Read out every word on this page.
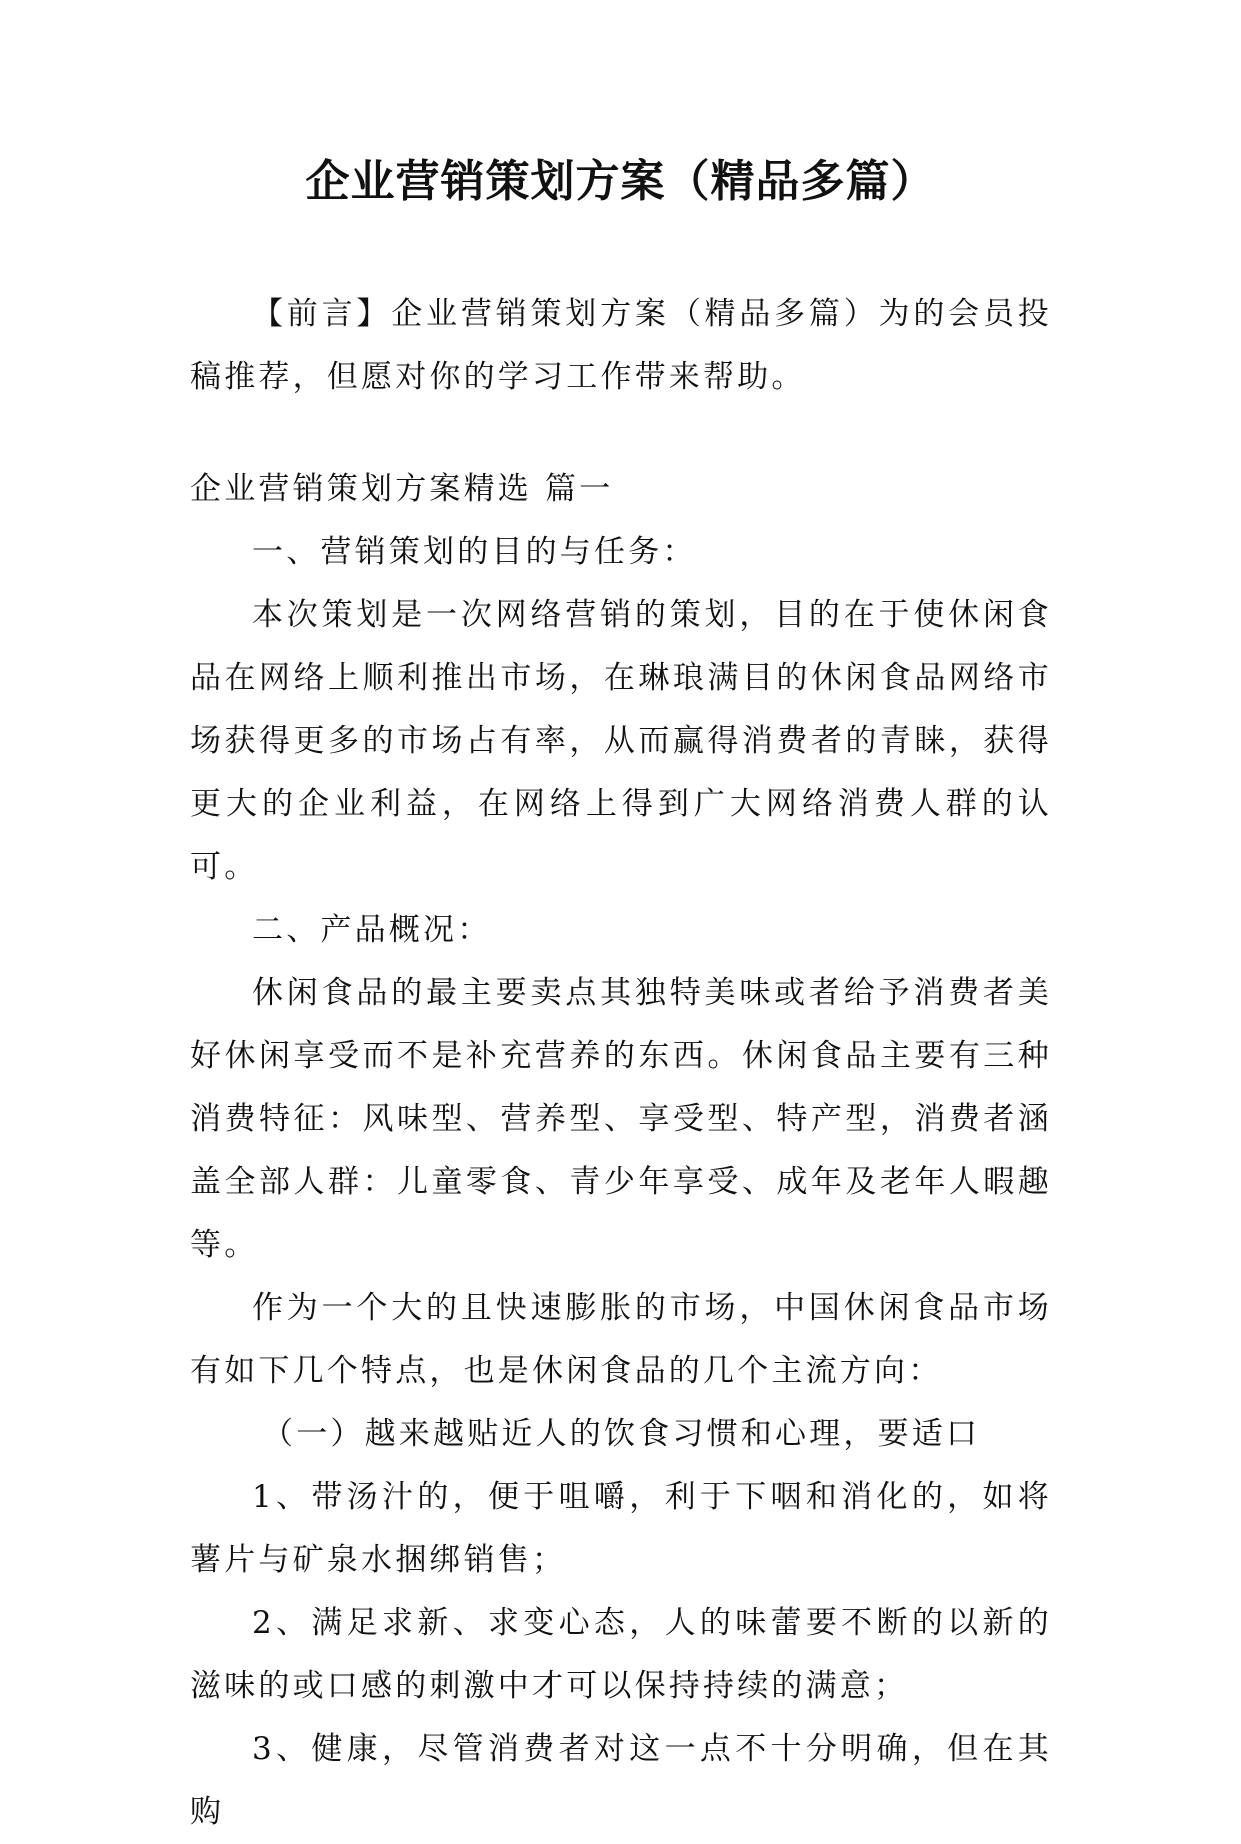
企业营销策划方案（精品多篇）

【前言】企业营销策划方案（精品多篇）为的会员投稿推荐，但愿对你的学习工作带来帮助。

企业营销策划方案精选 篇一

一、营销策划的目的与任务：

本次策划是一次网络营销的策划，目的在于使休闲食品在网络上顺利推出市场，在琳琅满目的休闲食品网络市场获得更多的市场占有率，从而赢得消费者的青睐，获得更大的企业利益，在网络上得到广大网络消费人群的认可。

二、产品概况：

休闲食品的最主要卖点其独特美味或者给予消费者美好休闲享受而不是补充营养的东西。休闲食品主要有三种消费特征：风味型、营养型、享受型、特产型，消费者涵盖全部人群：儿童零食、青少年享受、成年及老年人暇趣等。

作为一个大的且快速膨胀的市场，中国休闲食品市场有如下几个特点，也是休闲食品的几个主流方向：

（一）越来越贴近人的饮食习惯和心理，要适口

1、带汤汁的，便于咀嚼，利于下咽和消化的，如将薯片与矿泉水捆绑销售；

2、满足求新、求变心态，人的味蕾要不断的以新的滋味的或口感的刺激中才可以保持持续的满意；

3、健康，尽管消费者对这一点不十分明确，但在其购
